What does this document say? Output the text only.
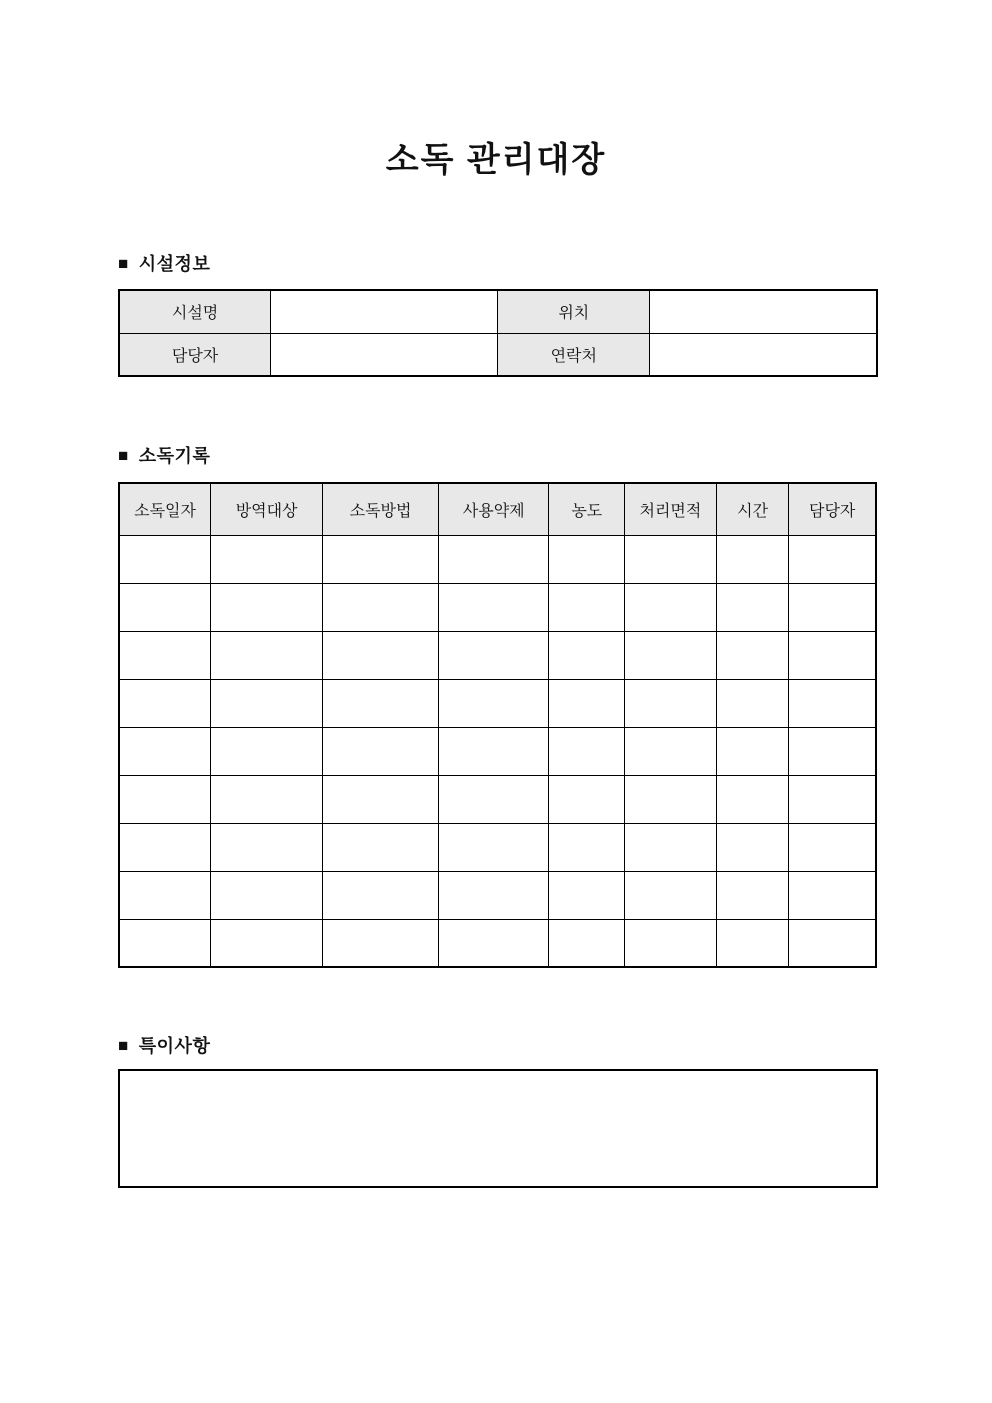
소독 관리대장
■ 시설정보
시설명		위치	
담당자		연락처	
■ 소독기록
소독일자	방역대상	소독방법	사용약제	농도	처리면적	시간	담당자

■ 특이사항
